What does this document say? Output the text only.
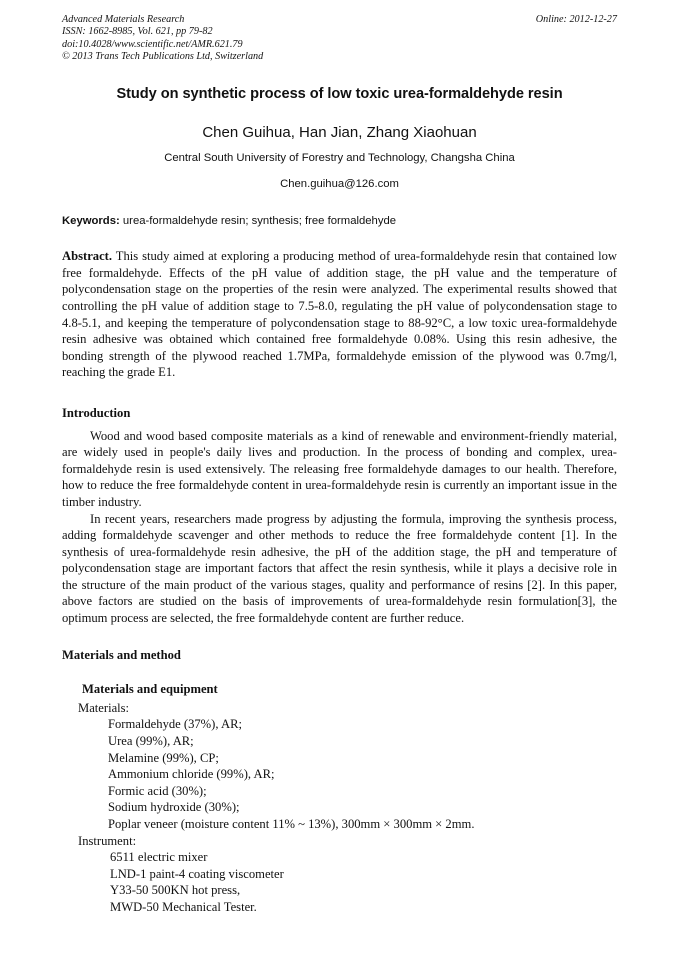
Advanced Materials Research
ISSN: 1662-8985, Vol. 621, pp 79-82
doi:10.4028/www.scientific.net/AMR.621.79
© 2013 Trans Tech Publications Ltd, Switzerland
Online: 2012-12-27
Study on synthetic process of low toxic urea-formaldehyde resin
Chen Guihua, Han Jian, Zhang Xiaohuan
Central South University of Forestry and Technology, Changsha China
Chen.guihua@126.com
Keywords: urea-formaldehyde resin; synthesis; free formaldehyde
Abstract. This study aimed at exploring a producing method of urea-formaldehyde resin that contained low free formaldehyde. Effects of the pH value of addition stage, the pH value and the temperature of polycondensation stage on the properties of the resin were analyzed. The experimental results showed that controlling the pH value of addition stage to 7.5-8.0, regulating the pH value of polycondensation stage to 4.8-5.1, and keeping the temperature of polycondensation stage to 88-92°C, a low toxic urea-formaldehyde resin adhesive was obtained which contained free formaldehyde 0.08%. Using this resin adhesive, the bonding strength of the plywood reached 1.7MPa, formaldehyde emission of the plywood was 0.7mg/l, reaching the grade E1.
Introduction

Wood and wood based composite materials as a kind of renewable and environment-friendly material, are widely used in people's daily lives and production. In the process of bonding and complex, urea-formaldehyde resin is used extensively. The releasing free formaldehyde damages to our health. Therefore, how to reduce the free formaldehyde content in urea-formaldehyde resin is currently an important issue in the timber industry.

In recent years, researchers made progress by adjusting the formula, improving the synthesis process, adding formaldehyde scavenger and other methods to reduce the free formaldehyde content [1]. In the synthesis of urea-formaldehyde resin adhesive, the pH of the addition stage, the pH and temperature of polycondensation stage are important factors that affect the resin synthesis, while it plays a decisive role in the structure of the main product of the various stages, quality and performance of resins [2]. In this paper, above factors are studied on the basis of improvements of urea-formaldehyde resin formulation[3], the optimum process are selected, the free formaldehyde content are further reduce.

Materials and method
Materials and equipment
Materials:
Formaldehyde (37%), AR;
Urea (99%), AR;
Melamine (99%), CP;
Ammonium chloride (99%), AR;
Formic acid (30%);
Sodium hydroxide (30%);
Poplar veneer (moisture content 11% ~ 13%), 300mm × 300mm × 2mm.
Instrument:
6511 electric mixer
LND-1 paint-4 coating viscometer
Y33-50 500KN hot press,
MWD-50 Mechanical Tester.
